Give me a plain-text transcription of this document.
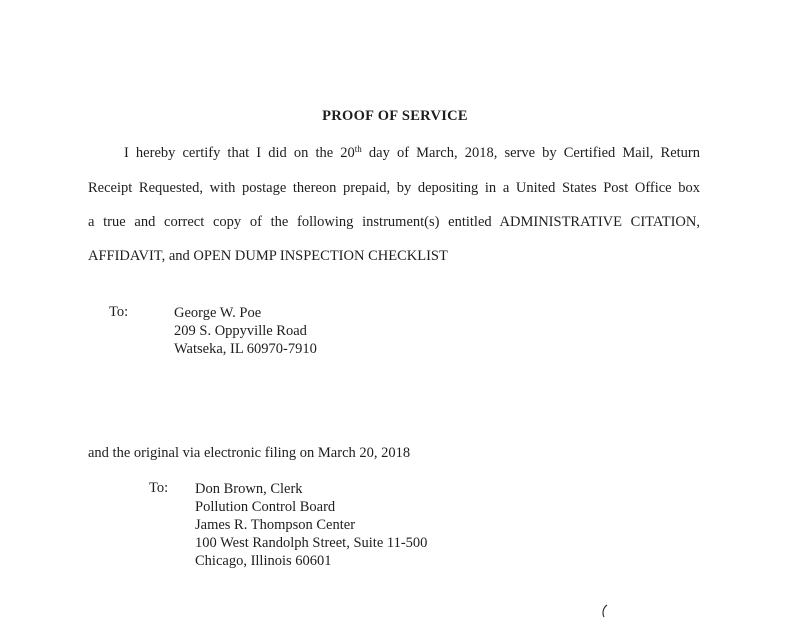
PROOF OF SERVICE
I hereby certify that I did on the 20th day of March, 2018, serve by Certified Mail, Return
Receipt Requested, with postage thereon prepaid, by depositing in a United States Post Office box
a true and correct copy of the following instrument(s) entitled ADMINISTRATIVE CITATION,
AFFIDAVIT, and OPEN DUMP INSPECTION CHECKLIST
To:	George W. Poe
209 S. Oppyville Road
Watseka, IL 60970-7910
and the original via electronic filing on March 20, 2018
To: Don Brown, Clerk
Pollution Control Board
James R. Thompson Center
100 West Randolph Street, Suite 11-500
Chicago, Illinois 60601
